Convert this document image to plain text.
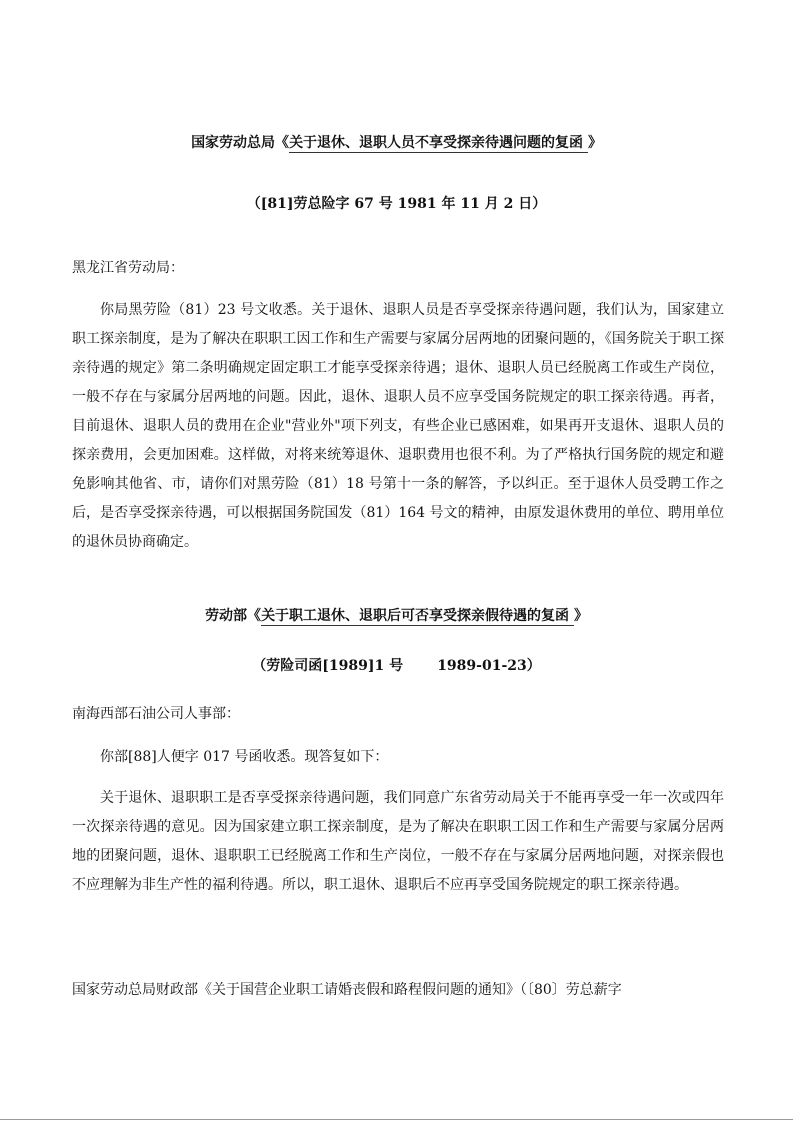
国家劳动总局《关于退休、退职人员不享受探亲待遇问题的复函 》
（[81]劳总险字 67 号 1981 年 11 月 2 日）
黑龙江省劳动局：
你局黑劳险（81）23 号文收悉。关于退休、退职人员是否享受探亲待遇问题，我们认为，国家建立职工探亲制度，是为了解决在职职工因工作和生产需要与家属分居两地的团聚问题的，《国务院关于职工探亲待遇的规定》第二条明确规定固定职工才能享受探亲待遇；退休、退职人员已经脱离工作或生产岗位，一般不存在与家属分居两地的问题。因此，退休、退职人员不应享受国务院规定的职工探亲待遇。再者，目前退休、退职人员的费用在企业"营业外"项下列支，有些企业已感困难，如果再开支退休、退职人员的探亲费用，会更加困难。这样做，对将来统筹退休、退职费用也很不利。为了严格执行国务院的规定和避免影响其他省、市，请你们对黑劳险（81）18 号第十一条的解答，予以纠正。至于退休人员受聘工作之后，是否享受探亲待遇，可以根据国务院国发（81）164 号文的精神，由原发退休费用的单位、聘用单位的退休员协商确定。
劳动部《关于职工退休、退职后可否享受探亲假待遇的复函 》
（劳险司函[1989]1 号       1989-01-23）
南海西部石油公司人事部：
你部[88]人便字 017 号函收悉。现答复如下：
关于退休、退职职工是否享受探亲待遇问题，我们同意广东省劳动局关于不能再享受一年一次或四年一次探亲待遇的意见。因为国家建立职工探亲制度，是为了解决在职职工因工作和生产需要与家属分居两地的团聚问题，退休、退职职工已经脱离工作和生产岗位，一般不存在与家属分居两地问题，对探亲假也不应理解为非生产性的福利待遇。所以，职工退休、退职后不应再享受国务院规定的职工探亲待遇。
国家劳动总局财政部《关于国营企业职工请婚丧假和路程假问题的通知》（〔80〕劳总薪字
